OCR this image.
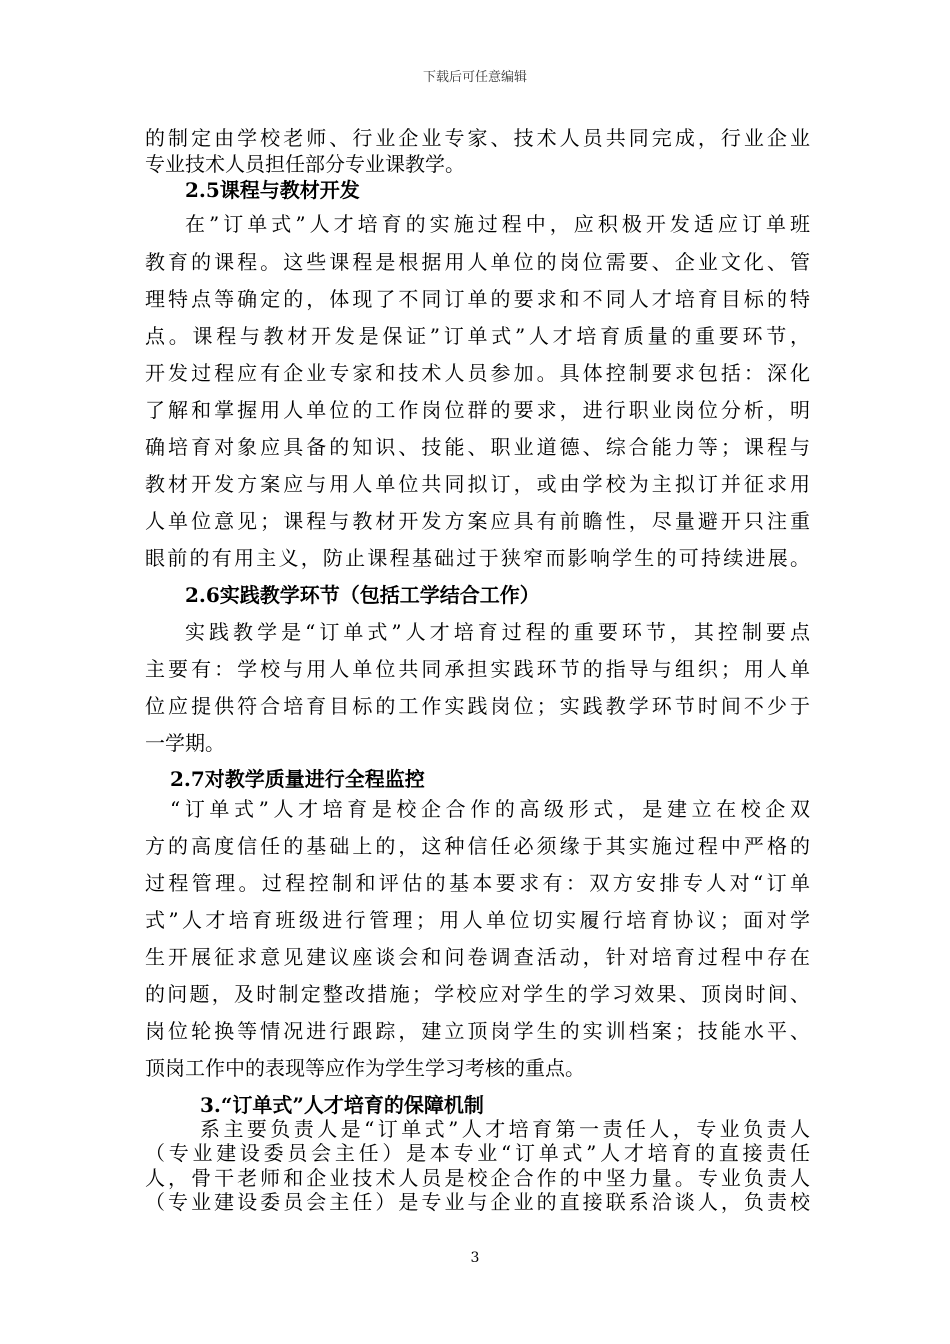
下载后可任意编辑
的制定由学校老师、行业企业专家、技术人员共同完成，行业企业
专业技术人员担任部分专业课教学。
2.5课程与教材开发
在”订单式”人才培育的实施过程中，应积极开发适应订单班
教育的课程。这些课程是根据用人单位的岗位需要、企业文化、管
理特点等确定的，体现了不同订单的要求和不同人才培育目标的特
点。课程与教材开发是保证”订单式”人才培育质量的重要环节，
开发过程应有企业专家和技术人员参加。具体控制要求包括：深化
了解和掌握用人单位的工作岗位群的要求，进行职业岗位分析，明
确培育对象应具备的知识、技能、职业道德、综合能力等；课程与
教材开发方案应与用人单位共同拟订，或由学校为主拟订并征求用
人单位意见；课程与教材开发方案应具有前瞻性，尽量避开只注重
眼前的有用主义，防止课程基础过于狭窄而影响学生的可持续进展。
2.6实践教学环节（包括工学结合工作）
实践教学是“订单式”人才培育过程的重要环节，其控制要点
主要有：学校与用人单位共同承担实践环节的指导与组织；用人单
位应提供符合培育目标的工作实践岗位；实践教学环节时间不少于
一学期。
2.7对教学质量进行全程监控
“订单式”人才培育是校企合作的高级形式，是建立在校企双
方的高度信任的基础上的，这种信任必须缘于其实施过程中严格的
过程管理。过程控制和评估的基本要求有：双方安排专人对“订单
式”人才培育班级进行管理；用人单位切实履行培育协议；面对学
生开展征求意见建议座谈会和问卷调查活动，针对培育过程中存在
的问题，及时制定整改措施；学校应对学生的学习效果、顶岗时间、
岗位轮换等情况进行跟踪，建立顶岗学生的实训档案；技能水平、
顶岗工作中的表现等应作为学生学习考核的重点。
3.“订单式”人才培育的保障机制
系主要负责人是“订单式”人才培育第一责任人，专业负责人
（专业建设委员会主任）是本专业“订单式”人才培育的直接责任
人，骨干老师和企业技术人员是校企合作的中坚力量。专业负责人
（专业建设委员会主任）是专业与企业的直接联系洽谈人，负责校
3
